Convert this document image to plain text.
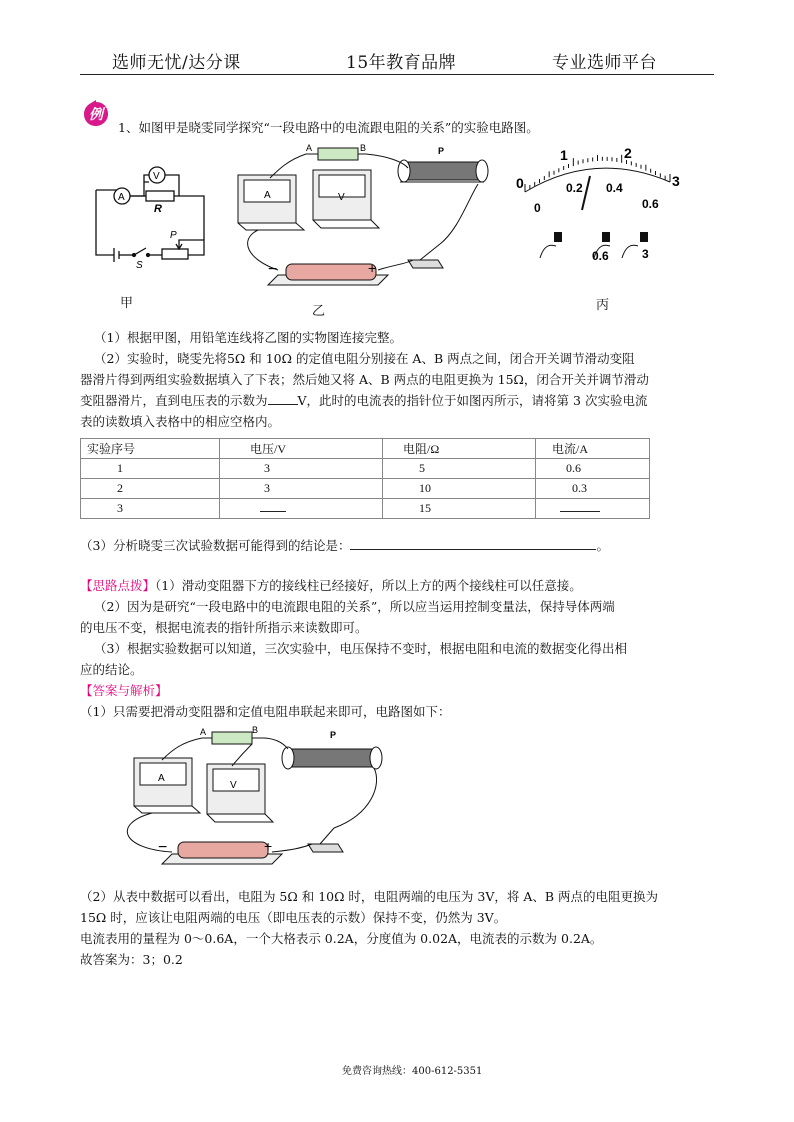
选师无忧/达分课	15年教育品牌	专业选师平台
例
1、如图甲是晓雯同学探究“一段电路中的电流跟电阻的关系”的实验电路图。
A
V
R
P
S
甲
A	B	P
A	V
−	+
乙
0
1	2
3
0
0.2 0.4
0.6
0.6	3
丙
（1）根据甲图，用铅笔连线将乙图的实物图连接完整。
（2）实验时，晓雯先将5Ω 和 10Ω 的定值电阻分别接在 A、B 两点之间，闭合开关调节滑动变阻
器滑片得到两组实验数据填入了下表；然后她又将 A、B 两点的电阻更换为 15Ω，闭合开关并调节滑动
变阻器滑片，直到电压表的示数为 V，此时的电流表的指针位于如图丙所示，请将第 3 次实验电流
表的读数填入表格中的相应空格内。
实验序号	电压/V	电阻/Ω	电流/A
1	3	5	0.6
2	3	10	0.3
3		15	
（3）分析晓雯三次试验数据可能得到的结论是：	。
【思路点拨】（1）滑动变阻器下方的接线柱已经接好，所以上方的两个接线柱可以任意接。
（2）因为是研究“一段电路中的电流跟电阻的关系”，所以应当运用控制变量法，保持导体两端
的电压不变，根据电流表的指针所指示来读数即可。
（3）根据实验数据可以知道，三次实验中，电压保持不变时，根据电阻和电流的数据变化得出相
应的结论。
【答案与解析】
（1）只需要把滑动变阻器和定值电阻串联起来即可，电路图如下：
A	B	P
A
V
−	+
（2）从表中数据可以看出，电阻为 5Ω 和 10Ω 时，电阻两端的电压为 3V，将 A、B 两点的电阻更换为
15Ω 时，应该让电阻两端的电压（即电压表的示数）保持不变，仍然为 3V。
电流表用的量程为 0～0.6A，一个大格表示 0.2A，分度值为 0.02A，电流表的示数为 0.2A。
故答案为：3；0.2
免费咨询热线：400-612-5351
